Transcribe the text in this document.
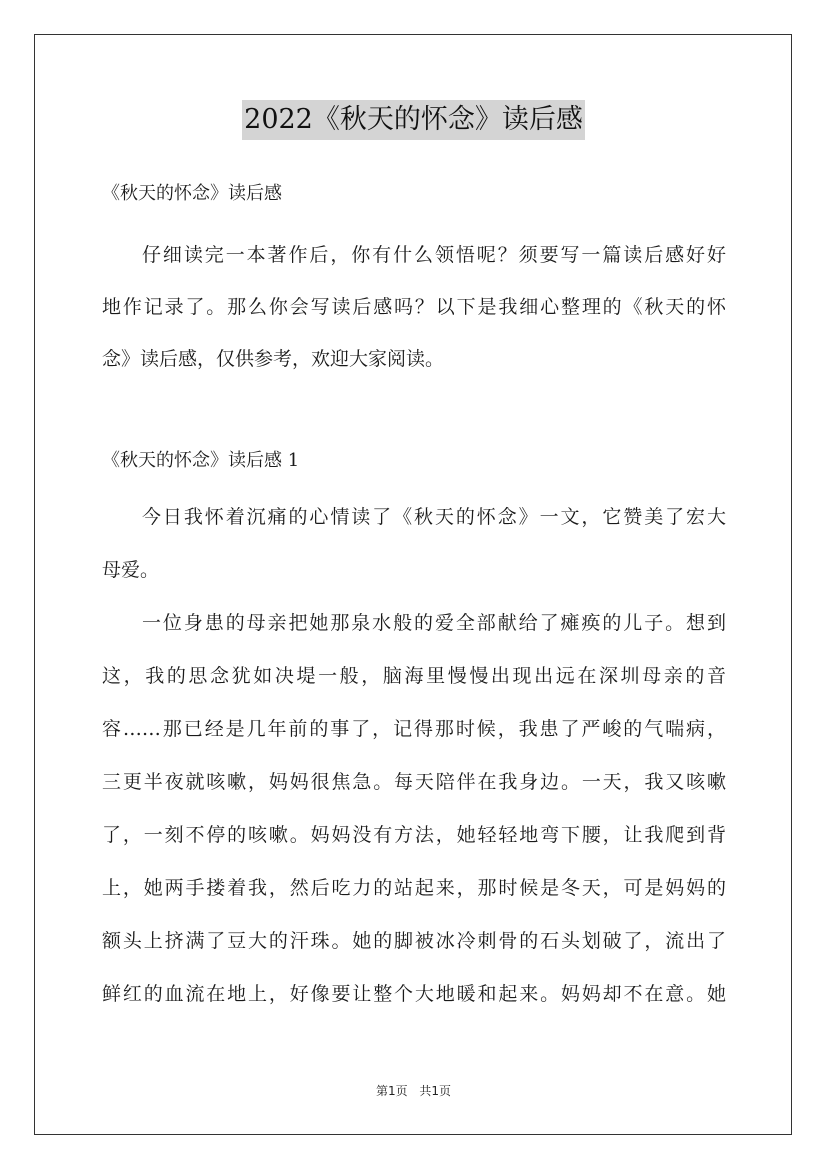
2022《秋天的怀念》读后感
《秋天的怀念》读后感
仔细读完一本著作后，你有什么领悟呢？须要写一篇读后感好好
地作记录了。那么你会写读后感吗？以下是我细心整理的《秋天的怀
念》读后感，仅供参考，欢迎大家阅读。
《秋天的怀念》读后感 1
今日我怀着沉痛的心情读了《秋天的怀念》一文，它赞美了宏大
母爱。
一位身患的母亲把她那泉水般的爱全部献给了瘫痪的儿子。想到
这，我的思念犹如决堤一般，脑海里慢慢出现出远在深圳母亲的音
容……那已经是几年前的事了，记得那时候，我患了严峻的气喘病，
三更半夜就咳嗽，妈妈很焦急。每天陪伴在我身边。一天，我又咳嗽
了，一刻不停的咳嗽。妈妈没有方法，她轻轻地弯下腰，让我爬到背
上，她两手搂着我，然后吃力的站起来，那时候是冬天，可是妈妈的
额头上挤满了豆大的汗珠。她的脚被冰冷刺骨的石头划破了，流出了
鲜红的血流在地上，好像要让整个大地暖和起来。妈妈却不在意。她
第1页 共1页
